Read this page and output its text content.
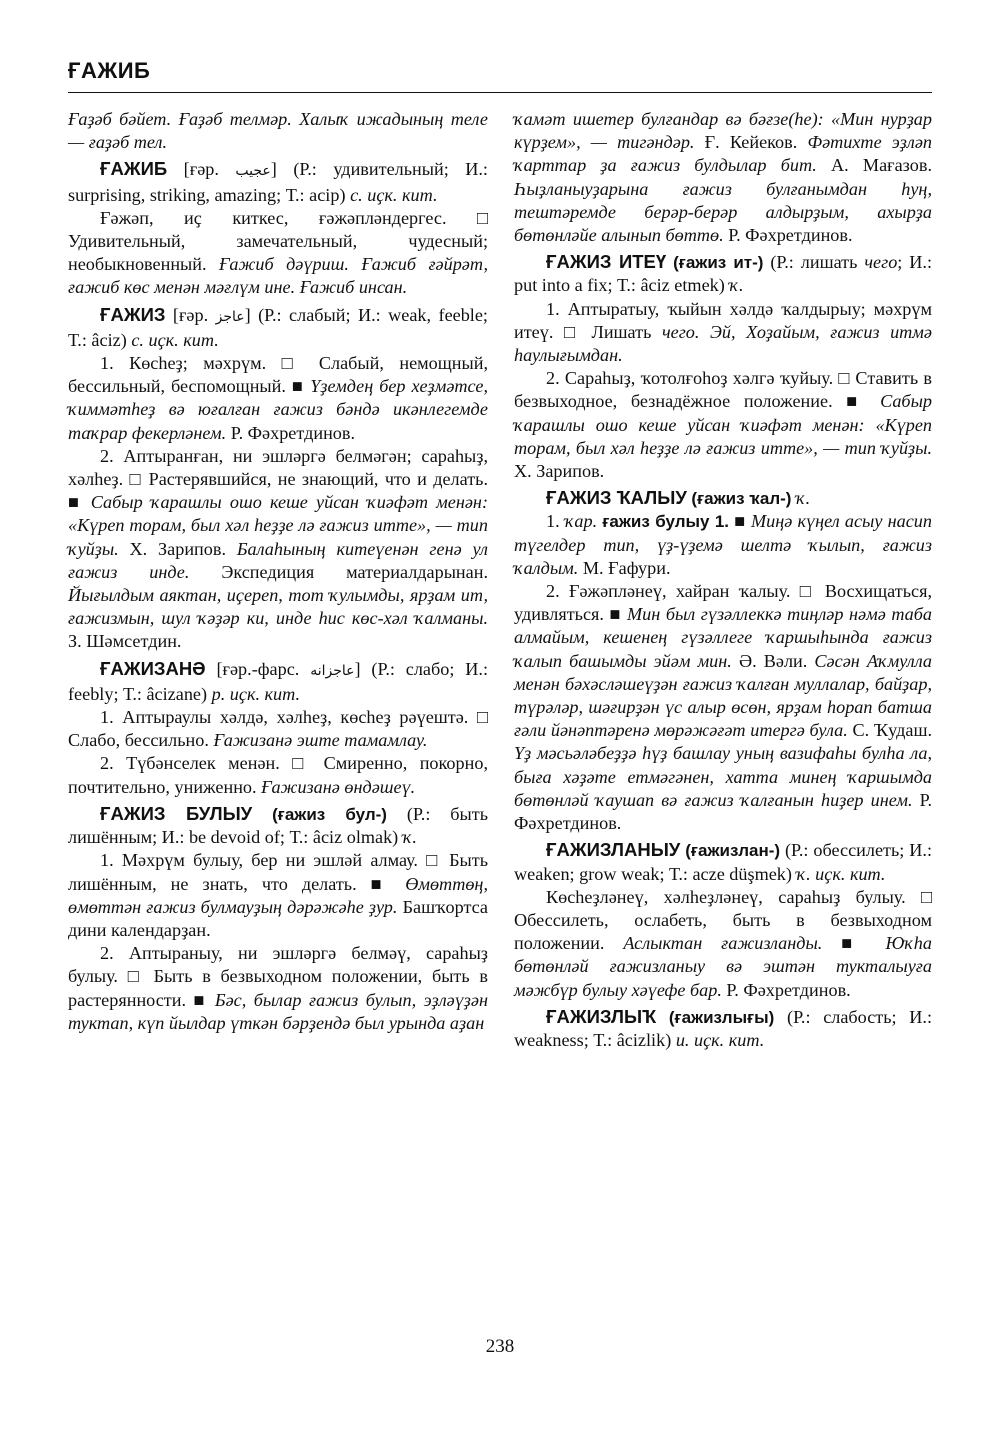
ҒАЖИБ

Ғаҙәб бәйет. Ғаҙәб телмәр. Халыҡ ижадының теле — ғаҙәб тел.

ҒАЖИБ [ғәр. عجیب] (Р.: удивительный; И.: surprising, striking, amazing; Т.: acip) с. иҫк. кит.

Ғәжәп, иҫ киткес, ғәжәпләндергес. □ Удивительный, замечательный, чудесный; необыкновенный. Ғажиб дәүриш. Ғажиб ғәйрәт, ғажиб көс менән мәғлүм ине. Ғажиб инсан.

ҒАЖИЗ [ғәр. عاجز] (Р.: слабый; И.: weak, feeble; Т.: âciz) с. иҫк. кит.

1. Көсһеҙ; мәхрүм. □ Слабый, немощный, бессильный, беспомощный. ■ Үҙемдең бер хеҙмәтсе, ҡиммәтһеҙ вә юғалған ғажиз бәндә икәнлегемде таҡрар фекерләнем. Р. Фәхретдинов.

2. Аптыранған, ни эшләргә белмәгән; сараһыҙ, хәлһеҙ. □ Растерявшийся, не знающий, что и делать. ■ Сабыр ҡарашлы ошо кеше уйсан ҡиәфәт менән: «Күреп торам, был хәл һеҙҙе лә ғажиз итте», — тип ҡуйҙы. Х. Зарипов. Балаһының китеүенән генә ул ғажиз инде. Экспедиция материалдарынан. Йығылдым аяктан, иҫереп, тот ҡулымды, ярҙам ит, ғажизмын, шул ҡәҙәр ки, инде һис көс-хәл ҡалманы. З. Шәмсетдин.

ҒАЖИЗАНӘ [ғәр.-фарс. عاجزانه] (Р.: слабо; И.: feebly; Т.: âcizane) р. иҫк. кит.

1. Аптыраулы хәлдә, хәлһеҙ, көсһеҙ рәүештә. □ Слабо, бессильно. Ғажизанә эште тамамлау.

2. Түбәнселек менән. □ Смиренно, покорно, почтительно, униженно. Ғажизанә өндәшеү.

ҒАЖИЗ БУЛЫУ (ғажиз бул-) (Р.: быть лишённым; И.: be devoid of; Т.: âciz olmak) ҡ.

1. Мәхрүм булыу, бер ни эшләй алмау. □ Быть лишённым, не знать, что делать. ■ Өмөттөң, өмөттән ғажиз булмауҙың дәрәжәһе ҙур. Башҡортса дини календарҙан.

2. Аптыраныу, ни эшләргә белмәү, сараһыҙ булыу. □ Быть в безвыходном положении, быть в растерянности. ■ Бәс, былар ғажиз булып, эҙләүҙән туктап, күп йылдар үткән бәрҙендә был урында аҙан

ҡамәт ишетер булғандар вә бәғзе(һе): «Мин нурҙар күрҙем», — тигәндәр. Ғ. Кейеков. Фәтихте эҙләп ҡарттар ҙа ғажиз булдылар бит. А. Мағазов. Һыҙланыуҙарына ғажиз булғанымдан һуң, тештәремде берәр-берәр алдырҙым, ахырҙа бөтөнләйе алынып бөттө. Р. Фәхретдинов.

ҒАЖИЗ ИТЕҮ (ғажиз ит-) (Р.: лишать чего; И.: put into a fix; Т.: âciz etmek) ҡ.

1. Аптыратыу, ҡыйын хәлдә ҡалдырыу; мәхрүм итеү. □ Лишать чего. Эй, Хоҙайым, ғажиз итмә һаулығымдан.

2. Сараһыҙ, ҡотолғоһоҙ хәлгә ҡуйыу. □ Ставить в безвыходное, безнадёжное положение. ■ Сабыр ҡарашлы ошо кеше уйсан ҡиәфәт менән: «Күреп торам, был хәл һеҙҙе лә ғажиз итте», — тип ҡуйҙы. Х. Зарипов.

ҒАЖИЗ ҠАЛЫУ (ғажиз ҡал-) ҡ.

1. ҡар. ғажиз булыу 1. ■ Миңә күңел асыу насип түгелдер тип, үҙ-үҙемә шелтә ҡылып, ғажиз ҡалдым. М. Ғафури.

2. Ғәжәпләнеү, хайран ҡалыу. □ Восхищаться, удивляться. ■ Мин был гүзәллеккә тиңләр нәмә таба алмайым, кешенең гүзәллеге ҡаршыһында ғажиз ҡалып башымды эйәм мин. Ә. Вәли. Сәсән Аҡмулла менән бәхәсләшеүҙән ғажиз ҡалған муллалар, байҙар, түрәләр, шәғирҙән үс алыр өсөн, ярҙам һорап батша ғәли йәнәптәренә мөрәжәғәт итергә була. С. Ҡудаш. Үҙ мәсьәләбеҙҙә һүҙ башлау уның вазифаһы булһа ла, быға хәҙәте етмәгәнен, хатта минең ҡаршымда бөтөнләй ҡаушап вә ғажиз ҡалғанын һиҙер инем. Р. Фәхретдинов.

ҒАЖИЗЛАНЫУ (ғажизлан-) (Р.: обессилеть; И.: weaken; grow weak; Т.: acze düşmek) ҡ. иҫк. кит.

Көсһеҙләнеү, хәлһеҙләнеү, сараһыҙ булыу. □ Обессилеть, ослабеть, быть в безвыходном положении. Аслыктан ғажизланды. ■ Юҡһа бөтөнләй ғажизланыу вә эштән тукталыуға мәжбүр булыу хәүефе бар. Р. Фәхретдинов.

ҒАЖИЗЛЫҠ (ғажизлығы) (Р.: слабость; И.: weakness; Т.: âcizlik) и. иҫк. кит.

238
